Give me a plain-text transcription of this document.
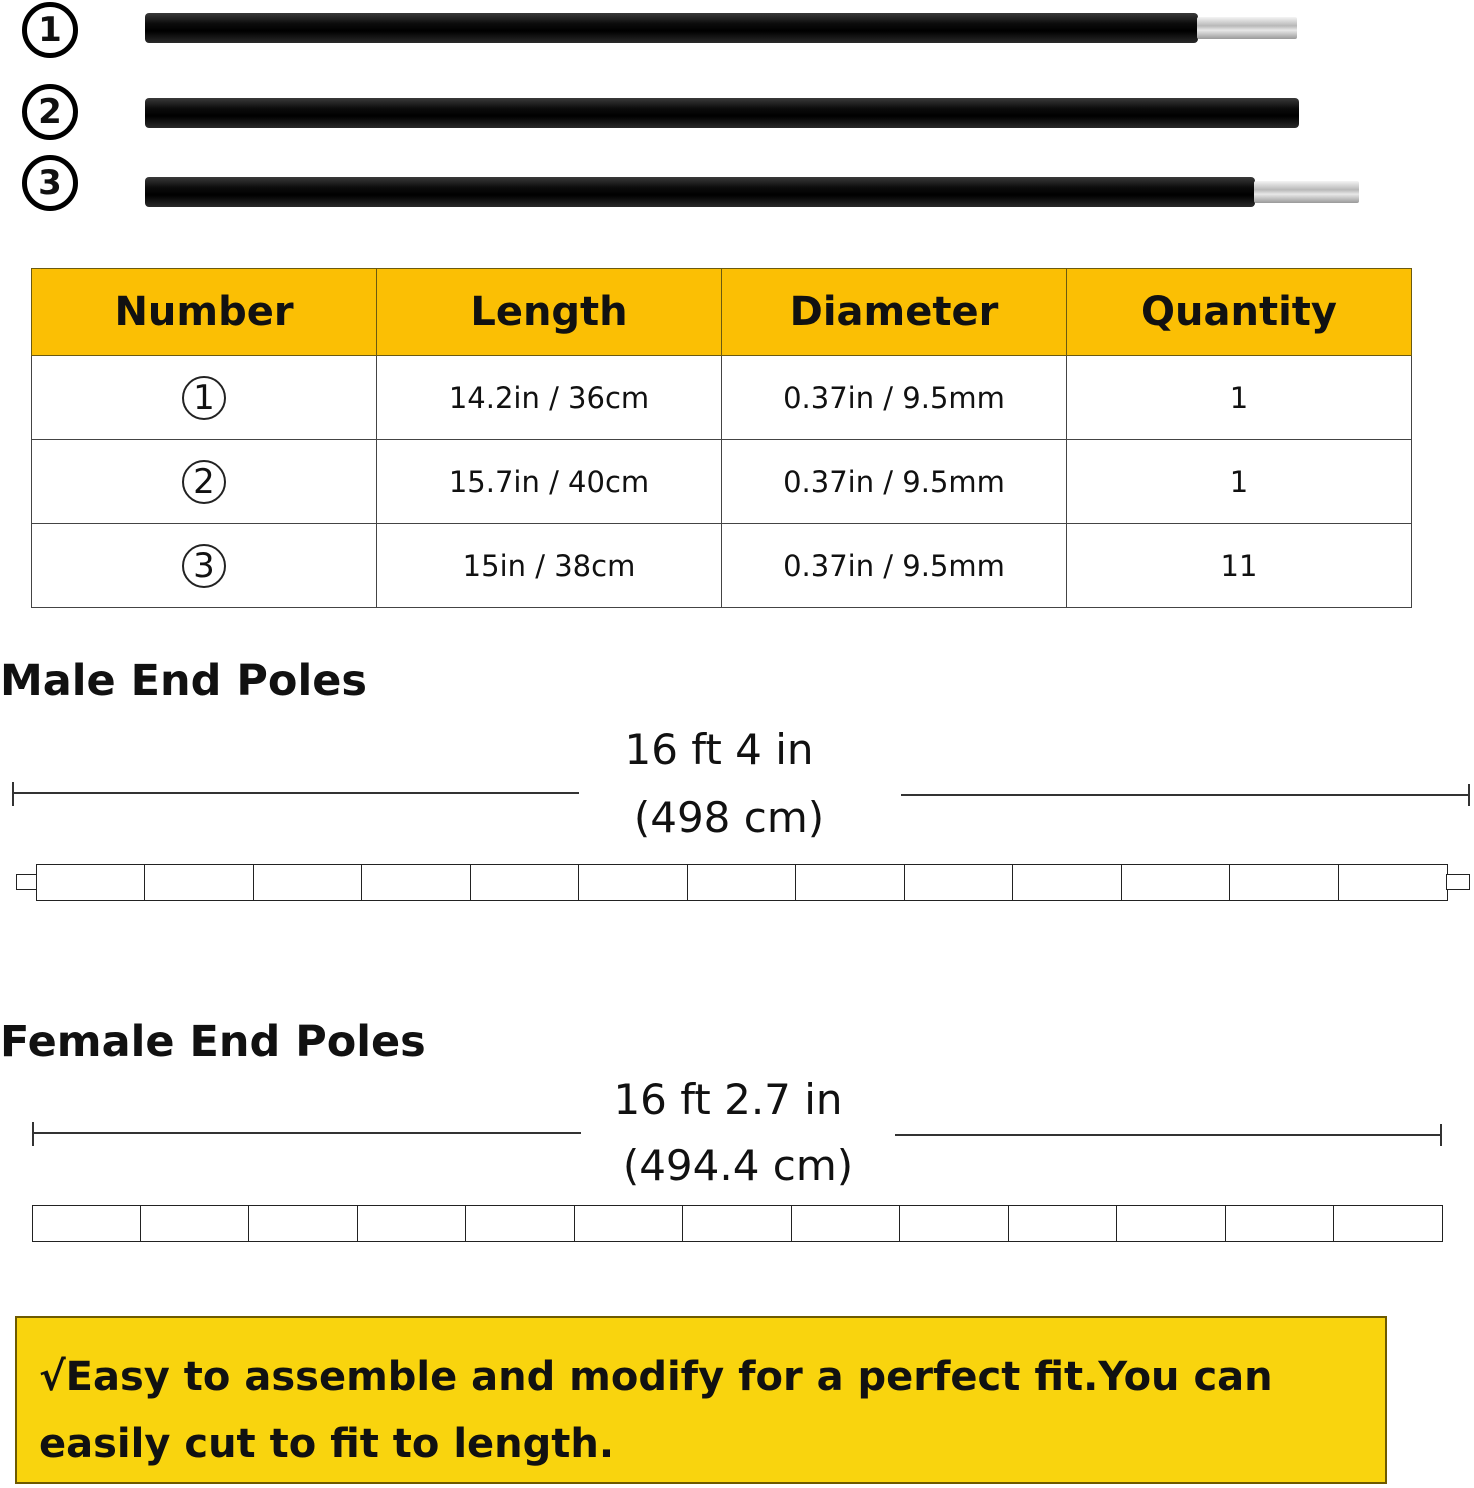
1
2
3
Number	Length	Diameter	Quantity
1	14.2in / 36cm	0.37in / 9.5mm	1
2	15.7in / 40cm	0.37in / 9.5mm	1
3	15in / 38cm	0.37in / 9.5mm	11
Male End Poles
16 ft 4 in
(498 cm)
Female End Poles
16 ft 2.7 in
(494.4 cm)
√Easy to assemble and modify for a perfect fit.You can easily cut to fit to length.
